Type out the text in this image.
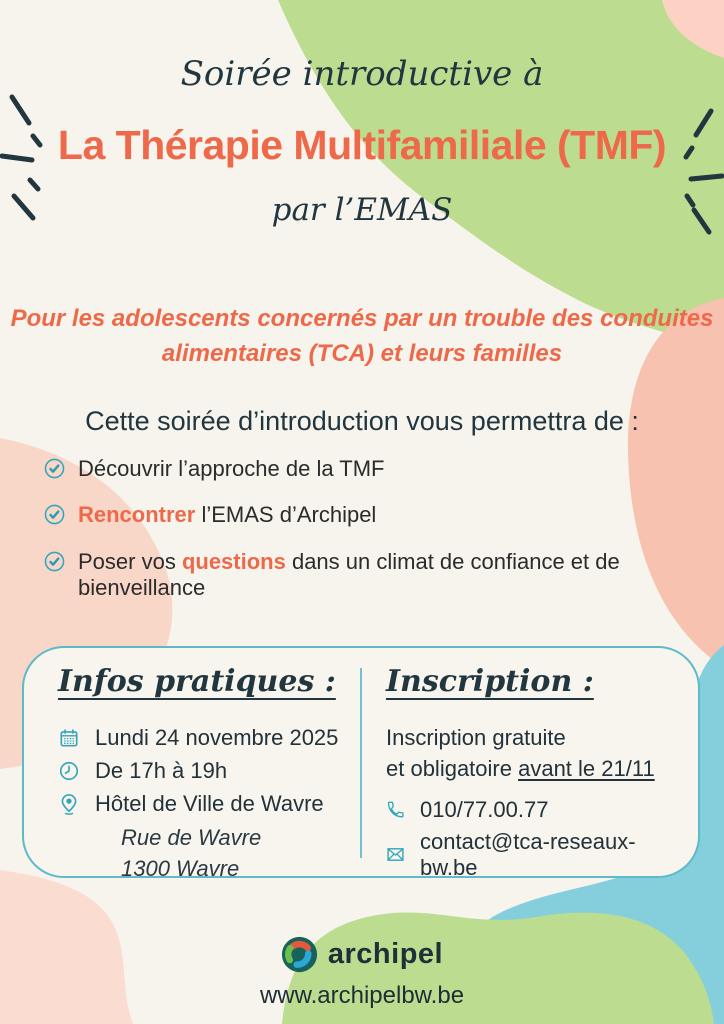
Soirée introductive à
La Thérapie Multifamiliale (TMF)
par l’EMAS
Pour les adolescents concernés par un trouble des conduites
alimentaires (TCA) et leurs familles
Cette soirée d’introduction vous permettra de :

Découvrir l’approche de la TMF

Rencontrer l’EMAS d’Archipel

Poser vos questions dans un climat de confiance et de bienveillance

Infos pratiques :
Lundi 24 novembre 2025
De 17h à 19h
Hôtel de Ville de Wavre
Rue de Wavre
1300 Wavre
Inscription :
Inscription gratuite
et obligatoire avant le 21/11
010/77.00.77
contact@tca-reseaux-bw.be
archipel
www.archipelbw.be
